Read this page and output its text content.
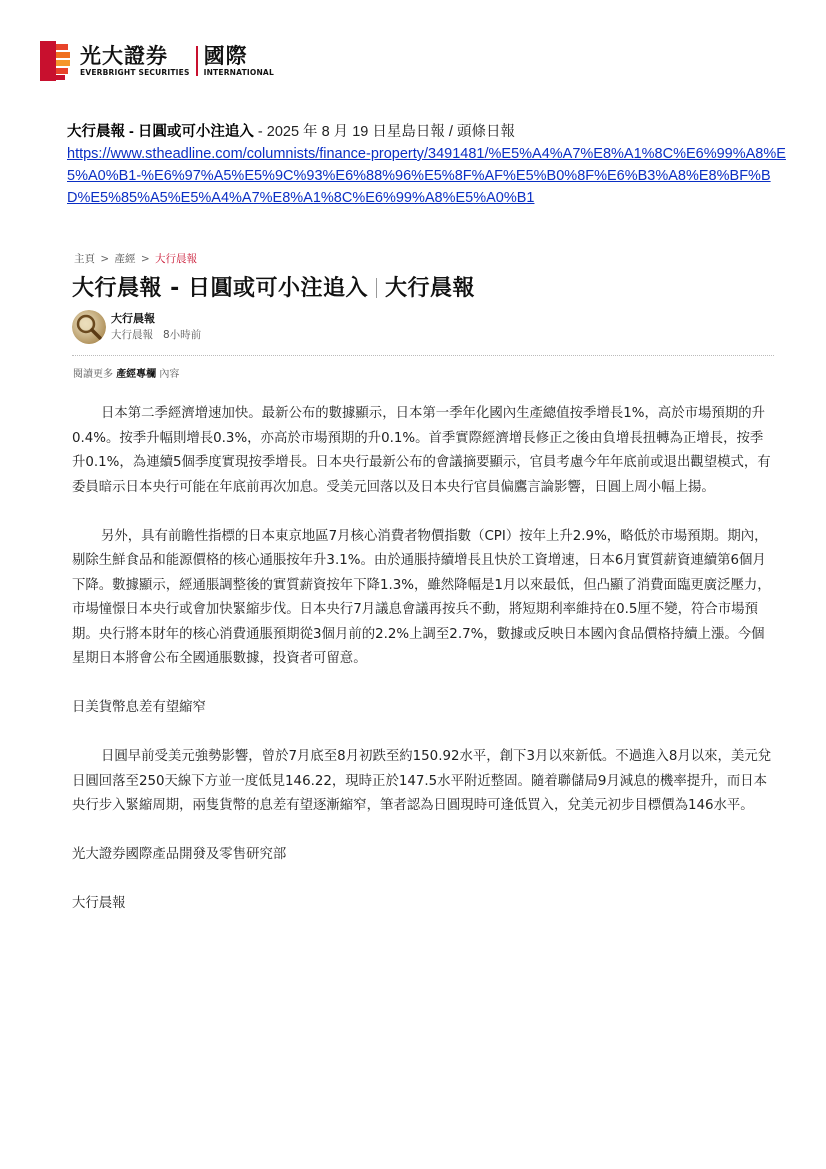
光大證券
EVERBRIGHT SECURITIES
國際
INTERNATIONAL
大行晨報 - 日圓或可小注追入 - 2025 年 8 月 19 日星島日報 / 頭條日報
https://www.stheadline.com/columnists/finance-property/3491481/%E5%A4%A7%E8%A1%8C%E6%99%A8%E5%A0%B1-%E6%97%A5%E5%9C%93%E6%88%96%E5%8F%AF%E5%B0%8F%E6%B3%A8%E8%BF%BD%E5%85%A5%E5%A4%A7%E8%A1%8C%E6%99%A8%E5%A0%B1
主頁 > 產經 > 大行晨報
大行晨報 - 日圓或可小注追入 大行晨報
大行晨報
大行晨報 8小時前
閱讀更多 產經專欄 內容

日本第二季經濟增速加快。最新公布的數據顯示，日本第一季年化國內生產總值按季增長1%，高於市場預期的升0.4%。按季升幅則增長0.3%，亦高於市場預期的升0.1%。首季實際經濟增長修正之後由負增長扭轉為正增長，按季升0.1%，為連續5個季度實現按季增長。日本央行最新公布的會議摘要顯示，官員考慮今年年底前或退出觀望模式，有委員暗示日本央行可能在年底前再次加息。受美元回落以及日本央行官員偏鷹言論影響，日圓上周小幅上揚。

另外，具有前瞻性指標的日本東京地區7月核心消費者物價指數（CPI）按年上升2.9%，略低於市場預期。期內，剔除生鮮食品和能源價格的核心通脹按年升3.1%。由於通脹持續增長且快於工資增速，日本6月實質薪資連續第6個月下降。數據顯示，經通脹調整後的實質薪資按年下降1.3%，雖然降幅是1月以來最低，但凸顯了消費面臨更廣泛壓力，市場憧憬日本央行或會加快緊縮步伐。日本央行7月議息會議再按兵不動，將短期利率維持在0.5厘不變，符合市場預期。央行將本財年的核心消費通脹預期從3個月前的2.2%上調至2.7%，數據或反映日本國內食品價格持續上漲。今個星期日本將會公布全國通脹數據，投資者可留意。

日美貨幣息差有望縮窄

日圓早前受美元強勢影響，曾於7月底至8月初跌至約150.92水平，創下3月以來新低。不過進入8月以來，美元兌日圓回落至250天線下方並一度低見146.22，現時正於147.5水平附近整固。隨着聯儲局9月減息的機率提升，而日本央行步入緊縮周期，兩隻貨幣的息差有望逐漸縮窄，筆者認為日圓現時可逢低買入，兌美元初步目標價為146水平。

光大證券國際產品開發及零售研究部

大行晨報
